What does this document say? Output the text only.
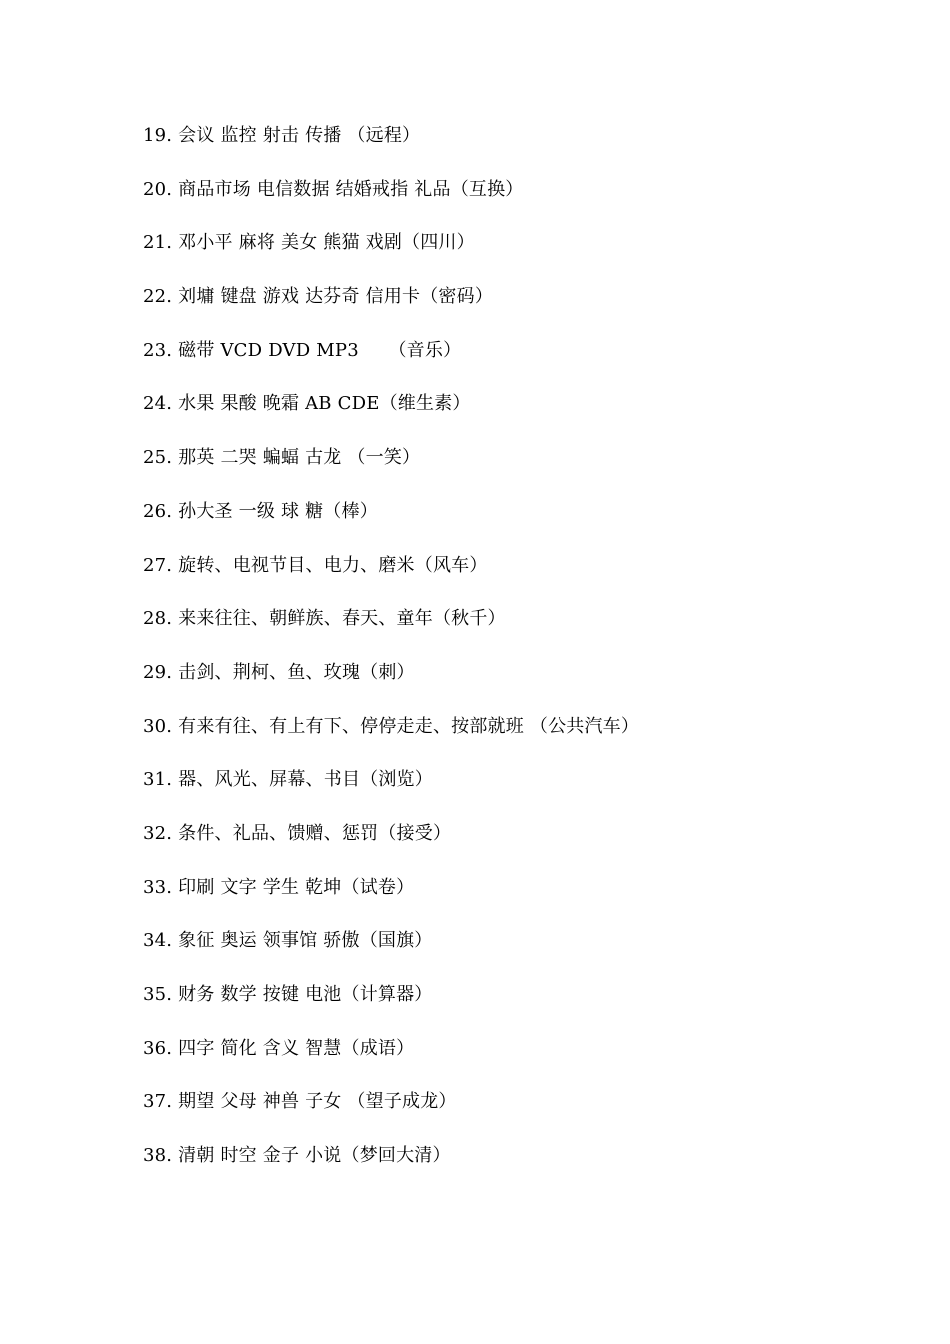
19. 会议 监控 射击 传播 （远程）
20. 商品市场 电信数据 结婚戒指 礼品（互换）
21. 邓小平 麻将 美女 熊猫 戏剧（四川）
22. 刘墉 键盘 游戏 达芬奇 信用卡（密码）
23. 磁带 VCD DVD MP3     （音乐）
24. 水果 果酸 晚霜 AB CDE（维生素）
25. 那英 二哭 蝙蝠 古龙 （一笑）
26. 孙大圣 一级 球 糖（棒）
27. 旋转、电视节目、电力、磨米（风车）
28. 来来往往、朝鲜族、春天、童年（秋千）
29. 击剑、荆柯、鱼、玫瑰（刺）
30. 有来有往、有上有下、停停走走、按部就班 （公共汽车）
31. 器、风光、屏幕、书目（浏览）
32. 条件、礼品、馈赠、惩罚（接受）
33. 印刷 文字 学生 乾坤（试卷）
34. 象征 奥运 领事馆 骄傲（国旗）
35. 财务 数学 按键 电池（计算器）
36. 四字 简化 含义 智慧（成语）
37. 期望 父母 神兽 子女 （望子成龙）
38. 清朝 时空 金子 小说（梦回大清）
